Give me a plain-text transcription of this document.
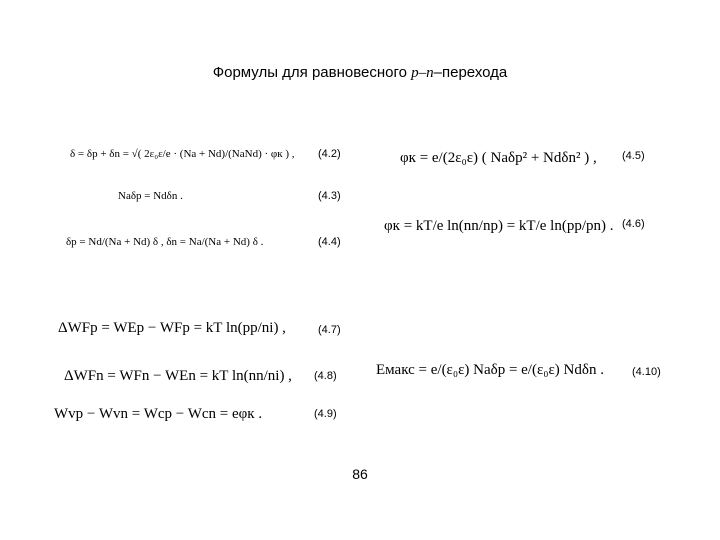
Формулы для равновесного p–n–перехода
δ = δp + δn = √( 2ε₀ε/e · (Na + Nd)/(NaNd) · φк ) , (4.2)
Naδp = Ndδn .	(4.3)
δp = Nd/(Na + Nd) δ , δn = Na/(Na + Nd) δ .	(4.4)
φк = e/(2ε₀ε) ( Naδp² + Ndδn² ) , (4.5)
φк = kT/e ln(nn/np) = kT/e ln(pp/pn) . (4.6)
ΔWFp = WEp − WFp = kT ln(pp/ni) ,	(4.7)
ΔWFn = WFn − WEn = kT ln(nn/ni) , (4.8)
Wvp − Wvn = Wcp − Wcn = eφк .	(4.9)
Eмакс = e/(ε₀ε) Naδp = e/(ε₀ε) Ndδn .	(4.10)
86
